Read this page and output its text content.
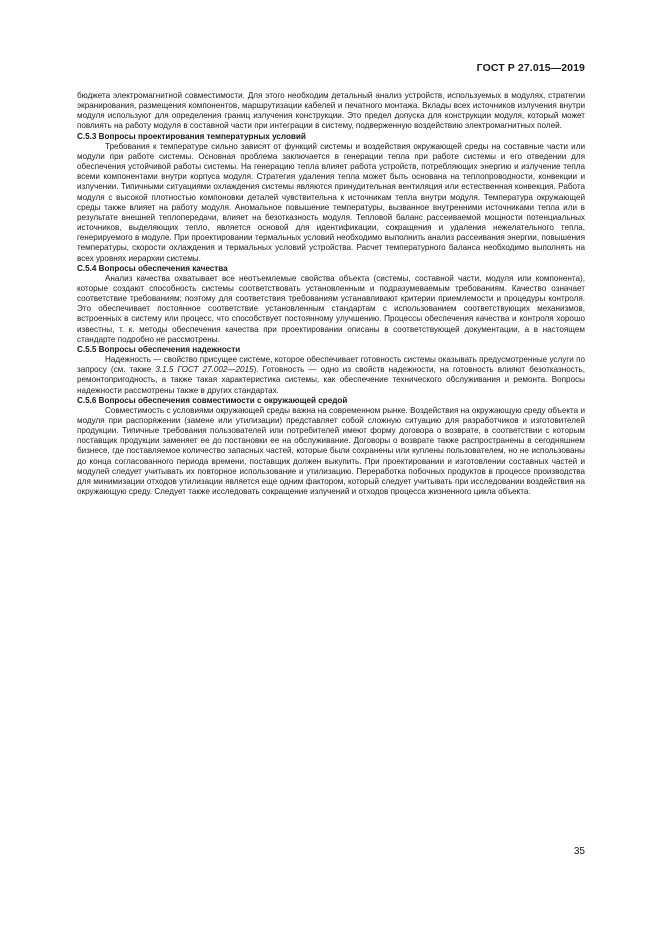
ГОСТ Р 27.015—2019

бюджета электромагнитной совместимости. Для этого необходим детальный анализ устройств, используемых в модулях, стратегии экранирования, размещения компонентов, маршрутизации кабелей и печатного монтажа. Вклады всех источников излучения внутри модуля используют для определения границ излучения конструкции. Это предел допуска для конструкции модуля, который может повлиять на работу модуля в составной части при интеграции в систему, подверженную воздействию электромагнитных полей.

С.5.3 Вопросы проектирования температурных условий

Требования к температуре сильно зависят от функций системы и воздействия окружающей среды на составные части или модули при работе системы. Основная проблема заключается в генерации тепла при работе системы и его отведении для обеспечения устойчивой работы системы. На генерацию тепла влияет работа устройств, потребляющих энергию и излучение тепла всеми компонентами внутри корпуса модуля. Стратегия удаления тепла может быть основана на теплопроводности, конвекции и излучении. Типичными ситуациями охлаждения системы являются принудительная вентиляция или естественная конвекция. Работа модуля с высокой плотностью компоновки деталей чувствительна к источникам тепла внутри модуля. Температура окружающей среды также влияет на работу модуля. Аномальное повышение температуры, вызванное внутренними источниками тепла или в результате внешней теплопередачи, влияет на безотказность модуля. Тепловой баланс рассеиваемой мощности потенциальных источников, выделяющих тепло, является основой для идентификации, сокращения и удаления нежелательного тепла, генерируемого в модуле. При проектировании термальных условий необходимо выполнить анализ рассеивания энергии, повышения температуры, скорости охлаждения и термальных условий устройства. Расчет температурного баланса необходимо выполнять на всех уровнях иерархии системы.

С.5.4 Вопросы обеспечения качества

Анализ качества охватывает все неотъемлемые свойства объекта (системы, составной части, модуля или компонента), которые создают способность системы соответствовать установленным и подразумеваемым требованиям. Качество означает соответствие требованиям; поэтому для соответствия требованиям устанавливают критерии приемлемости и процедуры контроля. Это обеспечивает постоянное соответствие установленным стандартам с использованием соответствующих механизмов, встроенных в систему или процесс, что способствует постоянному улучшению. Процессы обеспечения качества и контроля хорошо известны, т. к. методы обеспечения качества при проектировании описаны в соответствующей документации, а в настоящем стандарте подробно не рассмотрены.

С.5.5 Вопросы обеспечения надежности

Надежность — свойство присущее системе, которое обеспечивает готовность системы оказывать предусмотренные услуги по запросу (см. также 3.1.5 ГОСТ 27.002—2015). Готовность — одно из свойств надежности, на готовность влияют безотказность, ремонтопригодность, а также такая характеристика системы, как обеспечение технического обслуживания и ремонта. Вопросы надежности рассмотрены также в других стандартах.

С.5.6 Вопросы обеспечения совместимости с окружающей средой

Совместимость с условиями окружающей среды важна на современном рынке. Воздействия на окружающую среду объекта и модуля при распоряжении (замене или утилизации) представляет собой сложную ситуацию для разработчиков и изготовителей продукции. Типичные требования пользователей или потребителей имеют форму договора о возврате, в соответствии с которым поставщик продукции заменяет ее до постановки ее на обслуживание. Договоры о возврате также распространены в сегодняшнем бизнесе, где поставляемое количество запасных частей, которые были сохранены или куплены пользователем, но не использованы до конца согласованного периода времени, поставщик должен выкупить. При проектировании и изготовлении составных частей и модулей следует учитывать их повторное использование и утилизацию. Переработка побочных продуктов в процессе производства для минимизации отходов утилизации является еще одним фактором, который следует учитывать при исследовании воздействия на окружающую среду. Следует также исследовать сокращение излучений и отходов процесса жизненного цикла объекта.

35
